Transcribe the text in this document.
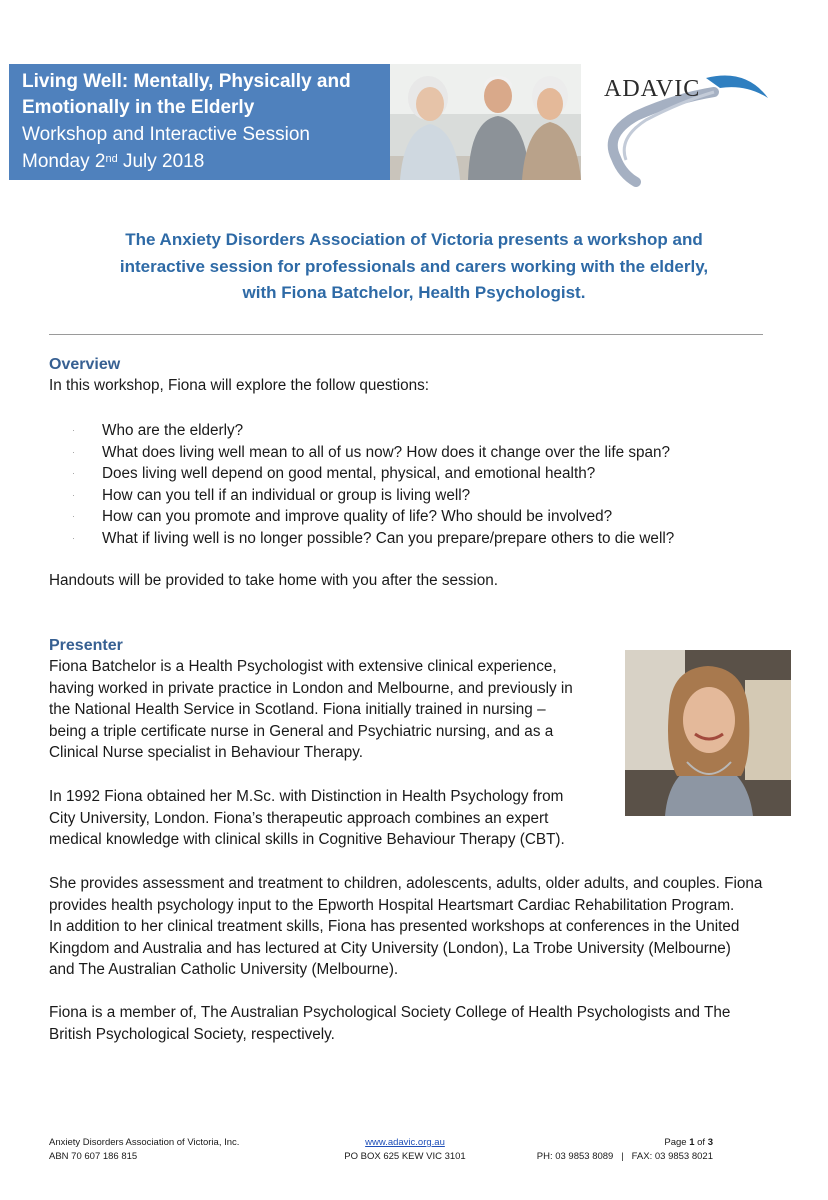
Living Well: Mentally, Physically and
Emotionally in the Elderly
Workshop and Interactive Session
Monday 2nd July 2018
ADAVIC
The Anxiety Disorders Association of Victoria presents a workshop and
interactive session for professionals and carers working with the elderly,
with Fiona Batchelor, Health Psychologist.
Overview
In this workshop, Fiona will explore the follow questions:
· Who are the elderly?
· What does living well mean to all of us now? How does it change over the life span?
· Does living well depend on good mental, physical, and emotional health?
· How can you tell if an individual or group is living well?
· How can you promote and improve quality of life? Who should be involved?
· What if living well is no longer possible? Can you prepare/prepare others to die well?
Handouts will be provided to take home with you after the session.
Presenter
Fiona Batchelor is a Health Psychologist with extensive clinical experience,
having worked in private practice in London and Melbourne, and previously in
the National Health Service in Scotland. Fiona initially trained in nursing –
being a triple certificate nurse in General and Psychiatric nursing, and as a
Clinical Nurse specialist in Behaviour Therapy.
In 1992 Fiona obtained her M.Sc. with Distinction in Health Psychology from
City University, London. Fiona’s therapeutic approach combines an expert
medical knowledge with clinical skills in Cognitive Behaviour Therapy (CBT).
She provides assessment and treatment to children, adolescents, adults, older adults, and couples. Fiona
provides health psychology input to the Epworth Hospital Heartsmart Cardiac Rehabilitation Program.
In addition to her clinical treatment skills, Fiona has presented workshops at conferences in the United
Kingdom and Australia and has lectured at City University (London), La Trobe University (Melbourne)
and The Australian Catholic University (Melbourne).
Fiona is a member of, The Australian Psychological Society College of Health Psychologists and The
British Psychological Society, respectively.
Anxiety Disorders Association of Victoria, Inc.
ABN 70 607 186 815
www.adavic.org.au
PO BOX 625 KEW VIC 3101
Page 1 of 3
PH: 03 9853 8089   |   FAX: 03 9853 8021
